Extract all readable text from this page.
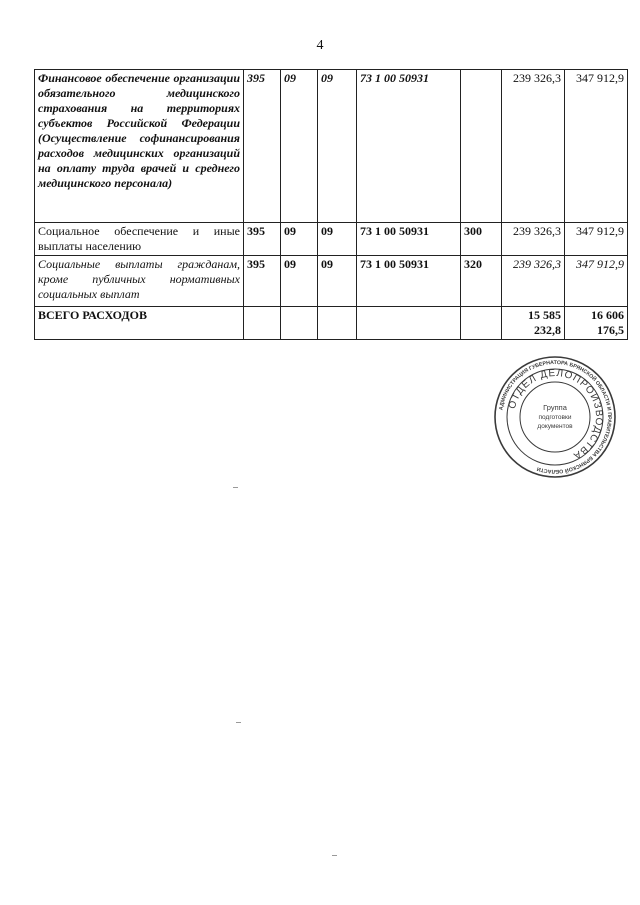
4
Финансовое обеспечение организации обязательного медицинского страхования на территориях субъектов Российской Федерации (Осуществление софинансирования расходов медицинских организаций на оплату труда врачей и среднего медицинского персонала)	395	09	09	73 1 00 50931		239 326,3	347 912,9
Социальное обеспечение и иные выплаты населению	395	09	09	73 1 00 50931	300	239 326,3	347 912,9
Социальные выплаты гражданам, кроме публичных нормативных социальных выплат	395	09	09	73 1 00 50931	320	239 326,3	347 912,9
ВСЕГО РАСХОДОВ						15 585 232,8	16 606 176,5
АДМИНИСТРАЦИЯ ГУБЕРНАТОРА БРЯНСКОЙ ОБЛАСТИ И ПРАВИТЕЛЬСТВА БРЯНСКОЙ ОБЛАСТИ
ОТДЕЛ ДЕЛОПРОИЗВОДСТВА
Группа
подготовки
документов
